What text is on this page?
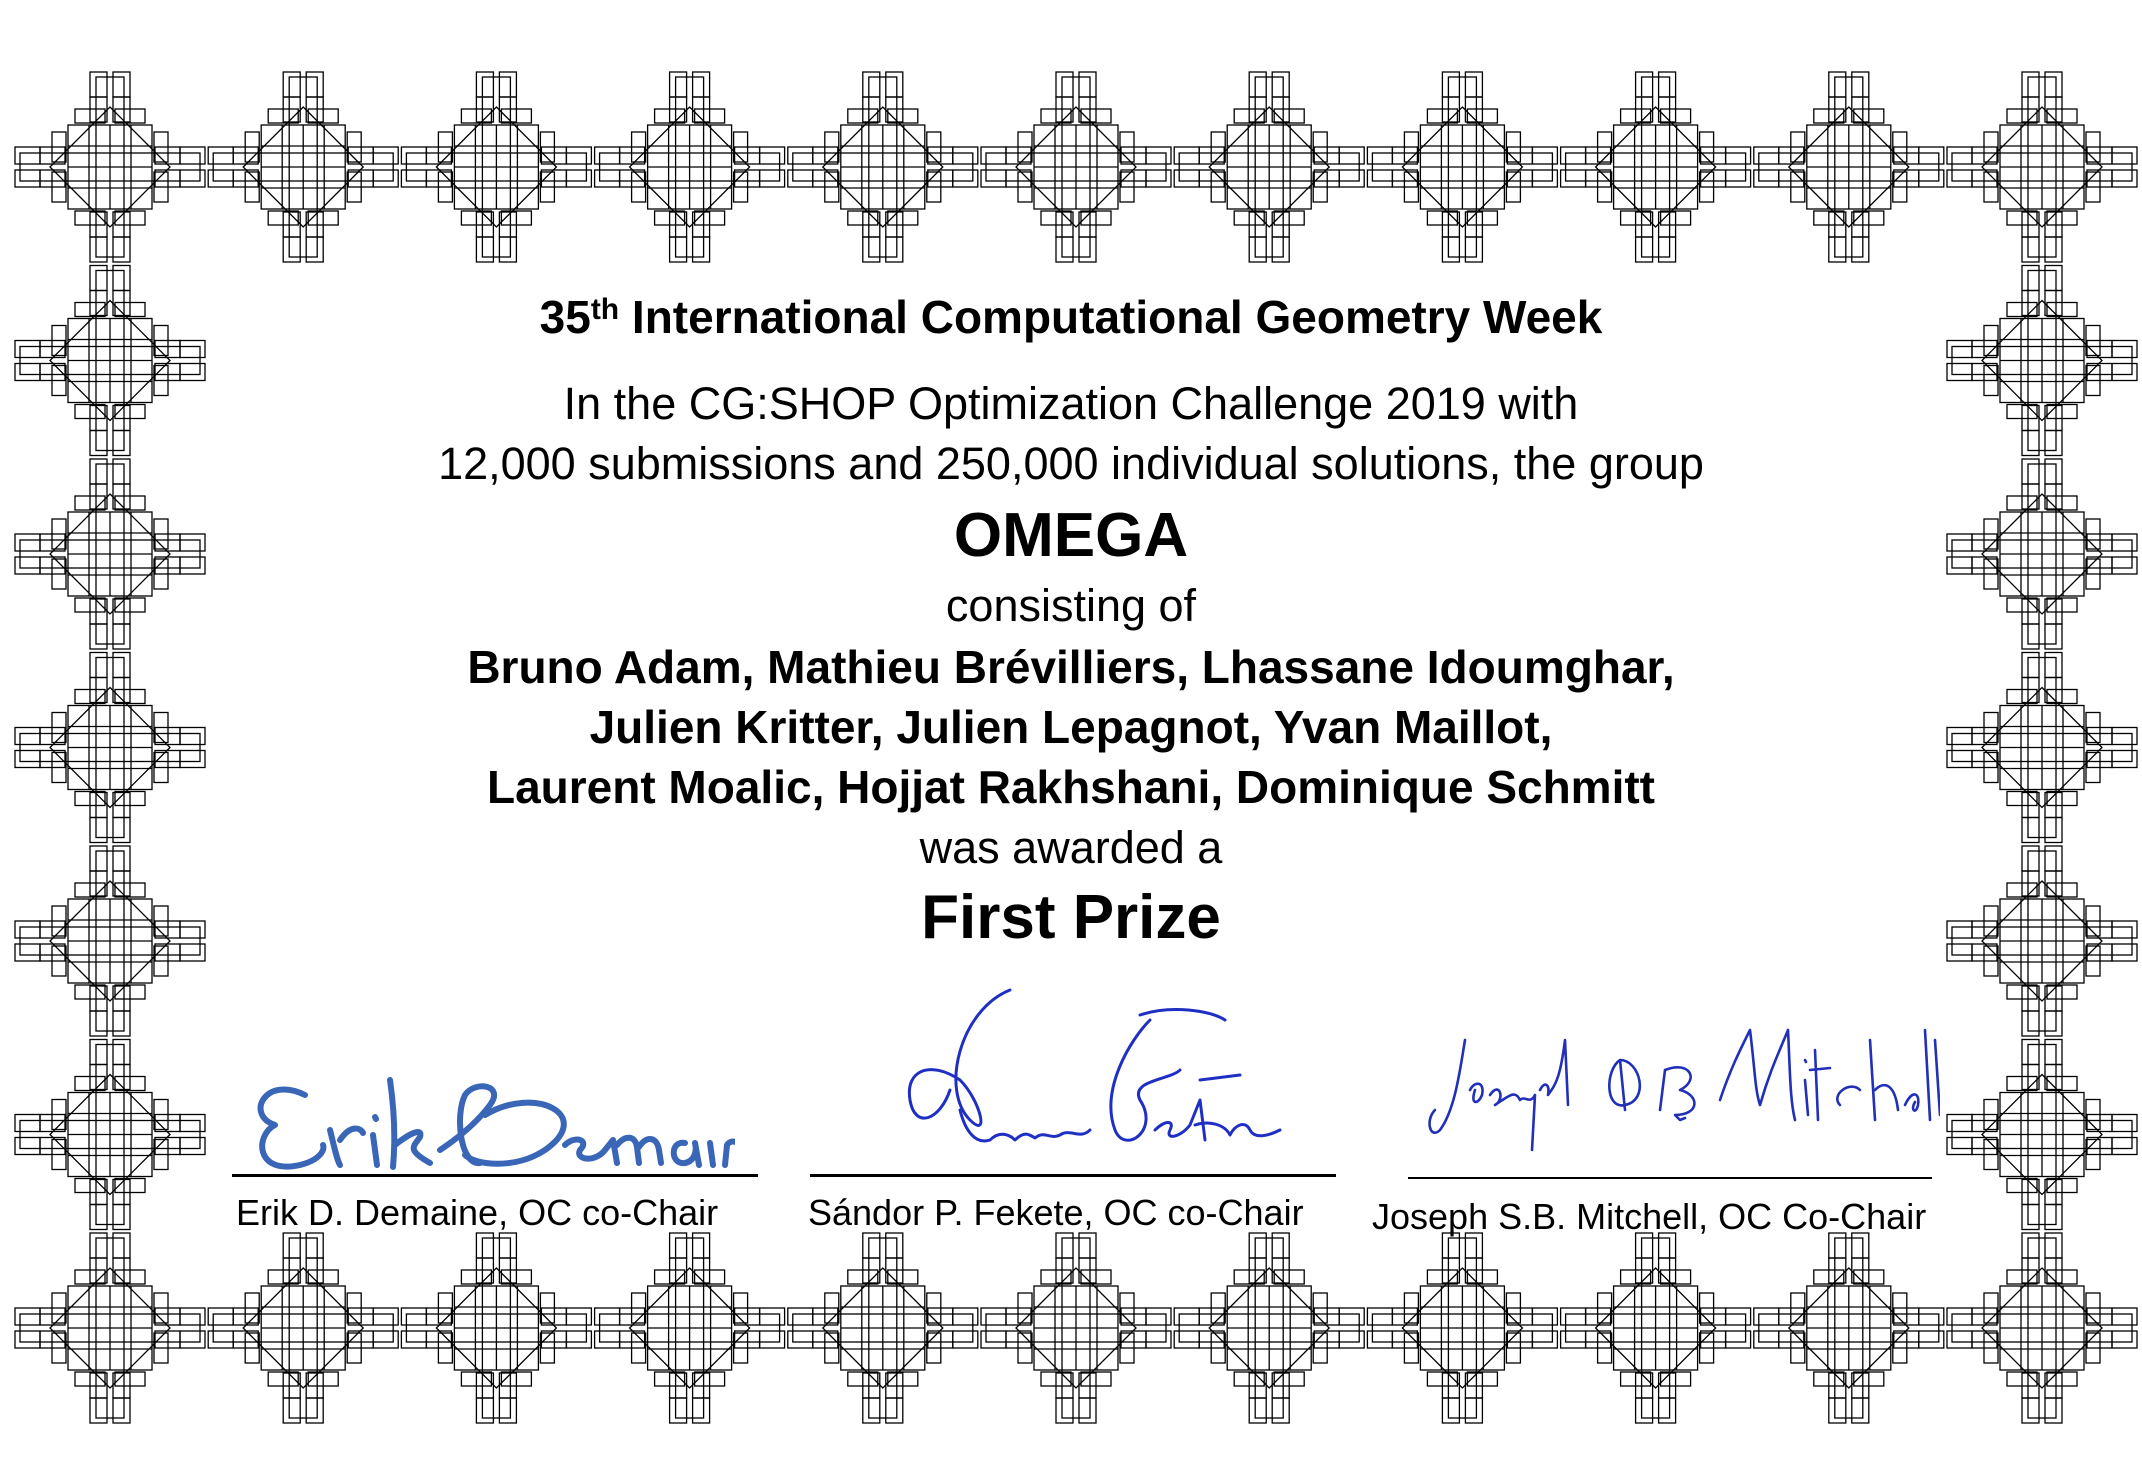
35th International Computational Geometry Week
In the CG:SHOP Optimization Challenge 2019 with
12,000 submissions and 250,000 individual solutions, the group
OMEGA
consisting of
Bruno Adam, Mathieu Brévilliers, Lhassane Idoumghar,
Julien Kritter, Julien Lepagnot, Yvan Maillot,
Laurent Moalic, Hojjat Rakhshani, Dominique Schmitt
was awarded a
First Prize
Erik D. Demaine, OC co-Chair Sándor P. Fekete, OC co-Chair Joseph S.B. Mitchell, OC Co-Chair
